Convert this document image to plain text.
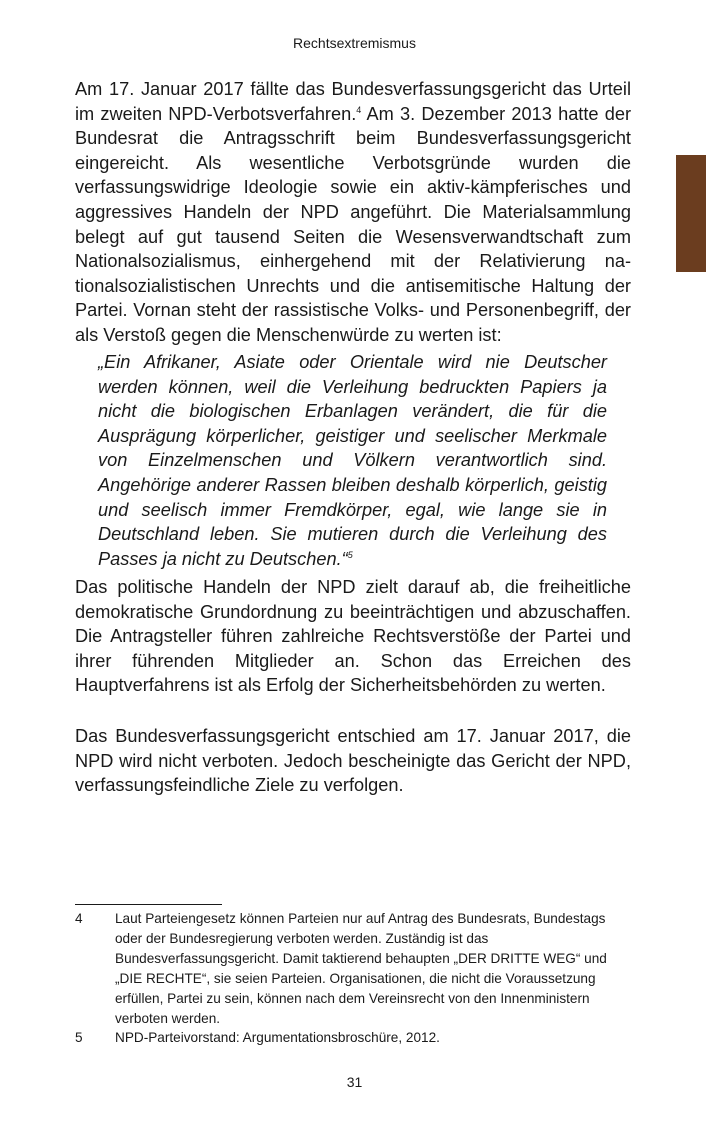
Rechtsextremismus

Am 17. Januar 2017 fällte das Bundesverfassungsgericht das Urteil im zweiten NPD-Verbotsverfahren.$^4$ Am 3. Dezember 2013 hatte der Bundesrat die Antragsschrift beim Bundesverfassungsgericht eingereicht. Als wesentliche Verbotsgründe wurden die verfassungswidrige Ideologie sowie ein aktiv-kämpferisches und aggressives Handeln der NPD angeführt. Die Materialsammlung belegt auf gut tausend Seiten die Wesensverwandtschaft zum Nationalsozialismus, einhergehend mit der Relativierung nationalsozialistischen Unrechts und die antisemitische Haltung der Partei. Vornan steht der rassistische Volks- und Personenbegriff, der als Verstoß gegen die Menschenwürde zu werten ist:

„Ein Afrikaner, Asiate oder Orientale wird nie Deutscher werden können, weil die Verleihung bedruckten Papiers ja nicht die biologischen Erbanlagen verändert, die für die Ausprägung körperlicher, geistiger und seelischer Merkmale von Einzelmenschen und Völkern verantwortlich sind. Angehörige anderer Rassen bleiben deshalb körperlich, geistig und seelisch immer Fremdkörper, egal, wie lange sie in Deutschland leben. Sie mutieren durch die Verleihung des Passes ja nicht zu Deutschen.“$^5$

Das politische Handeln der NPD zielt darauf ab, die freiheitliche demokratische Grundordnung zu beeinträchtigen und abzuschaffen. Die Antragsteller führen zahlreiche Rechtsverstöße der Partei und ihrer führenden Mitglieder an. Schon das Erreichen des Hauptverfahrens ist als Erfolg der Sicherheitsbehörden zu werten.

Das Bundesverfassungsgericht entschied am 17. Januar 2017, die NPD wird nicht verboten. Jedoch bescheinigte das Gericht der NPD, verfassungsfeindliche Ziele zu verfolgen.

4 Laut Parteiengesetz können Parteien nur auf Antrag des Bundesrats, Bundestags oder der Bundesregierung verboten werden. Zuständig ist das Bundesverfassungsgericht. Damit taktierend behaupten „DER DRITTE WEG“ und „DIE RECHTE“, sie seien Parteien. Organisationen, die nicht die Voraussetzung erfüllen, Partei zu sein, können nach dem Vereinsrecht von den Innenministern verboten werden.
5 NPD-Parteivorstand: Argumentationsbroschüre, 2012.
31
